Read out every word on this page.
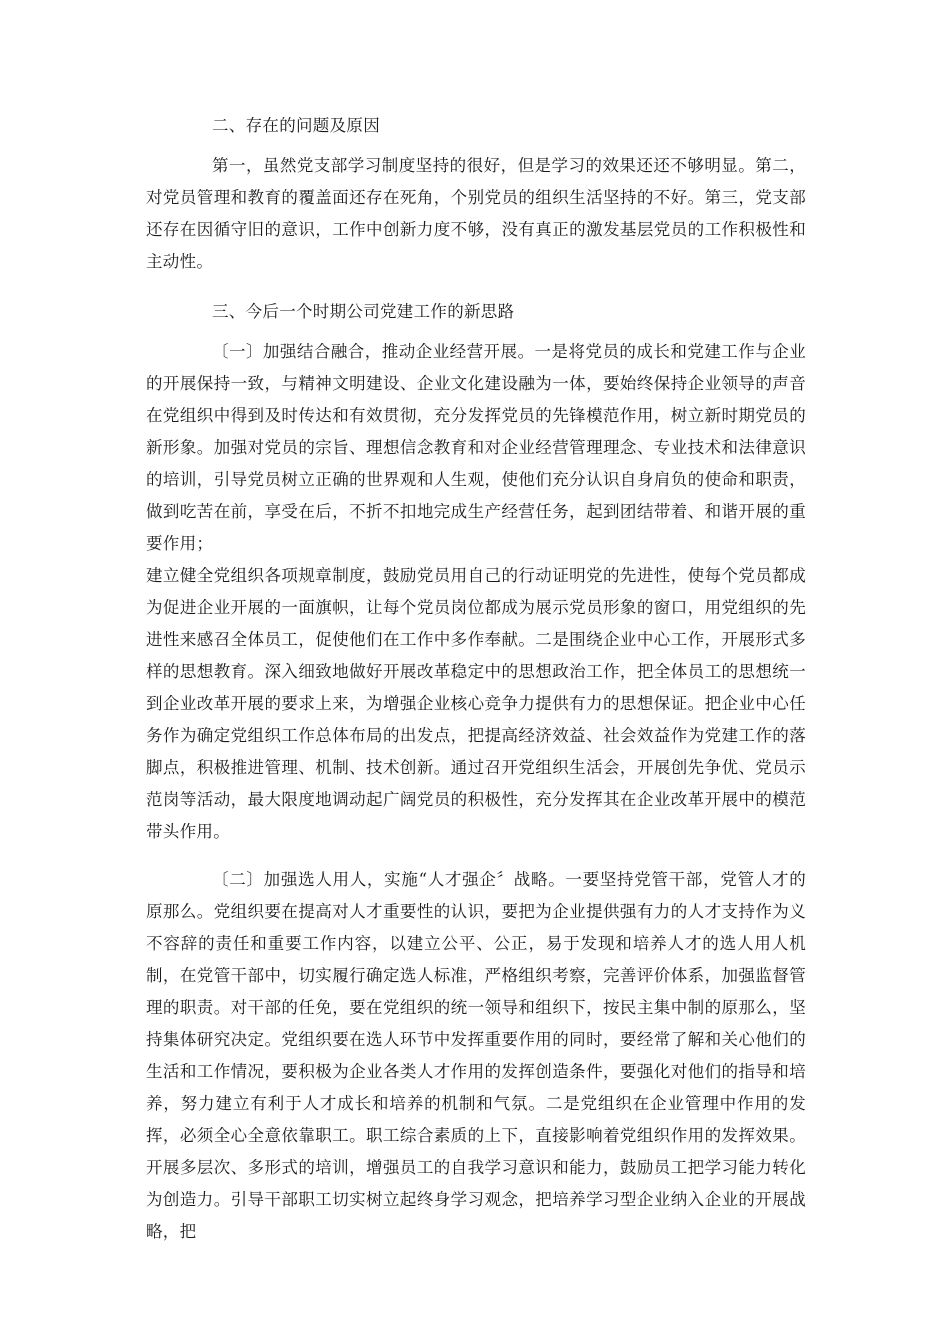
二、存在的问题及原因

第一，虽然党支部学习制度坚持的很好，但是学习的效果还还不够明显。第二，对党员管理和教育的覆盖面还存在死角，个别党员的组织生活坚持的不好。第三，党支部还存在因循守旧的意识，工作中创新力度不够，没有真正的激发基层党员的工作积极性和主动性。

三、今后一个时期公司党建工作的新思路

〔一〕加强结合融合，推动企业经营开展。一是将党员的成长和党建工作与企业的开展保持一致，与精神文明建设、企业文化建设融为一体，要始终保持企业领导的声音在党组织中得到及时传达和有效贯彻，充分发挥党员的先锋模范作用，树立新时期党员的新形象。加强对党员的宗旨、理想信念教育和对企业经营管理理念、专业技术和法律意识的培训，引导党员树立正确的世界观和人生观，使他们充分认识自身肩负的使命和职责，做到吃苦在前，享受在后，不折不扣地完成生产经营任务，起到团结带着、和谐开展的重要作用；

建立健全党组织各项规章制度，鼓励党员用自己的行动证明党的先进性，使每个党员都成为促进企业开展的一面旗帜，让每个党员岗位都成为展示党员形象的窗口，用党组织的先进性来感召全体员工，促使他们在工作中多作奉献。二是围绕企业中心工作，开展形式多样的思想教育。深入细致地做好开展改革稳定中的思想政治工作，把全体员工的思想统一到企业改革开展的要求上来，为增强企业核心竞争力提供有力的思想保证。把企业中心任务作为确定党组织工作总体布局的出发点，把提高经济效益、社会效益作为党建工作的落脚点，积极推进管理、机制、技术创新。通过召开党组织生活会，开展创先争优、党员示范岗等活动，最大限度地调动起广阔党员的积极性，充分发挥其在企业改革开展中的模范带头作用。

〔二〕加强选人用人，实施“人才强企〞战略。一要坚持党管干部，党管人才的原那么。党组织要在提高对人才重要性的认识，要把为企业提供强有力的人才支持作为义不容辞的责任和重要工作内容，以建立公平、公正，易于发现和培养人才的选人用人机制，在党管干部中，切实履行确定选人标准，严格组织考察，完善评价体系，加强监督管理的职责。对干部的任免，要在党组织的统一领导和组织下，按民主集中制的原那么，坚持集体研究决定。党组织要在选人环节中发挥重要作用的同时，要经常了解和关心他们的生活和工作情况，要积极为企业各类人才作用的发挥创造条件，要强化对他们的指导和培养，努力建立有利于人才成长和培养的机制和气氛。二是党组织在企业管理中作用的发挥，必须全心全意依靠职工。职工综合素质的上下，直接影响着党组织作用的发挥效果。开展多层次、多形式的培训，增强员工的自我学习意识和能力，鼓励员工把学习能力转化为创造力。引导干部职工切实树立起终身学习观念，把培养学习型企业纳入企业的开展战略，把
